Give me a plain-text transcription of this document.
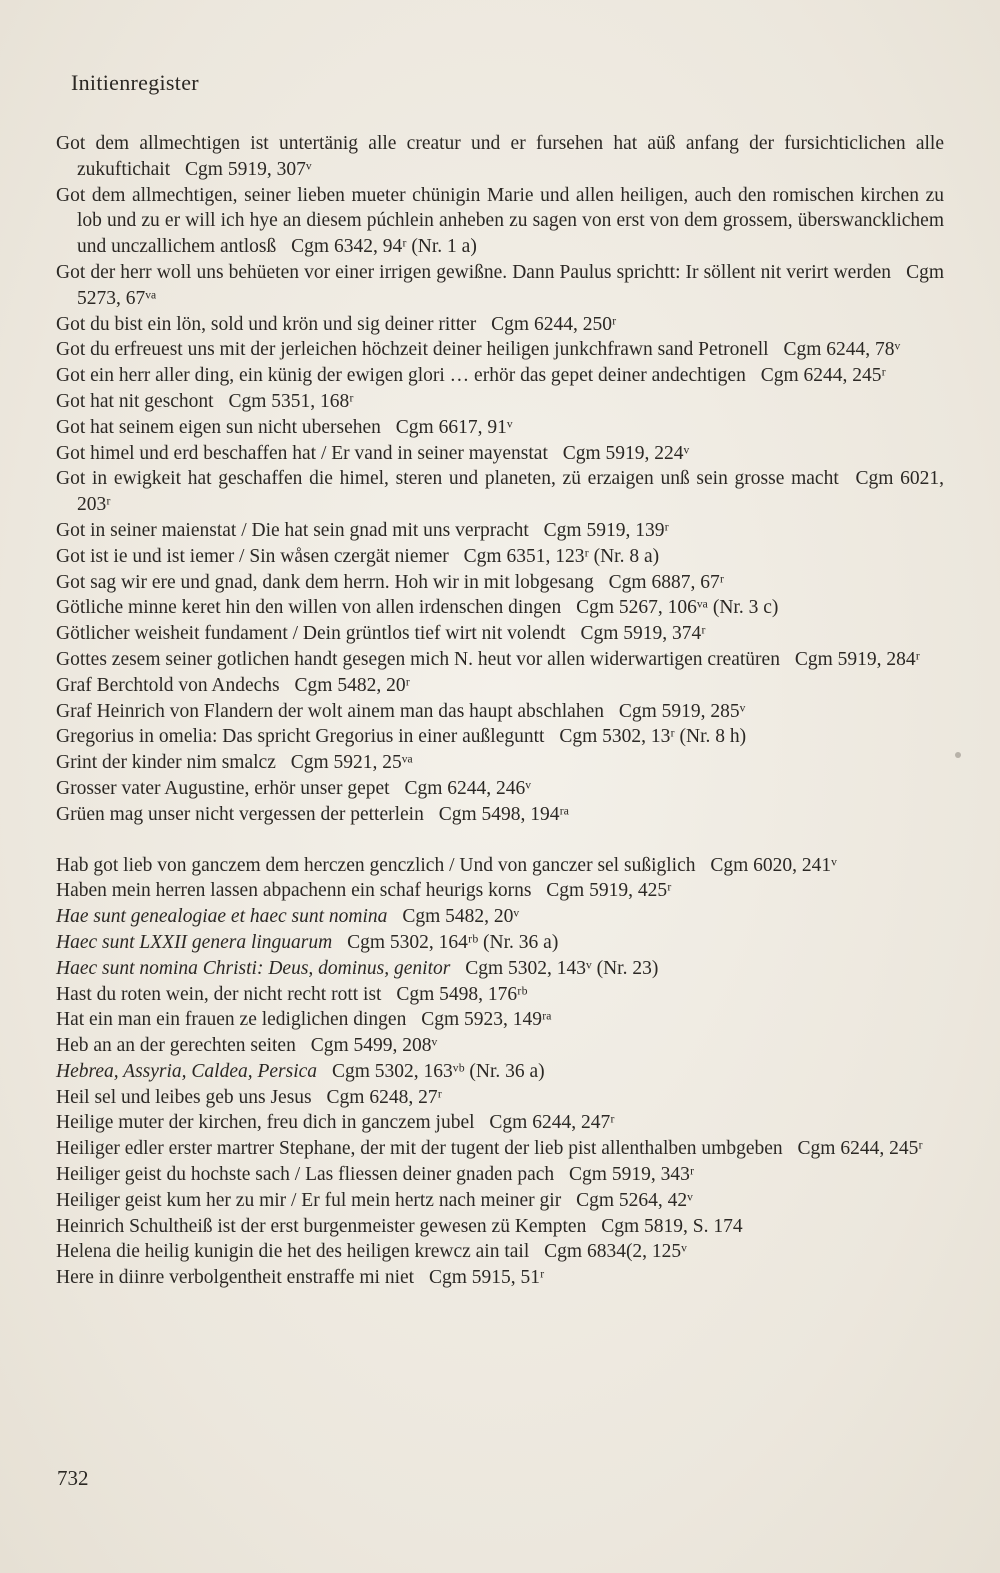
Initienregister
Got dem allmechtigen ist untertänig alle creatur und er fursehen hat aüß anfang der fursichticlichen alle zukuftichait Cgm 5919, 307ᵛ
Got dem allmechtigen, seiner lieben mueter chünigin Marie und allen heiligen, auch den romischen kirchen zu lob und zu er will ich hye an diesem púchlein anheben zu sagen von erst von dem grossem, überswancklichem und unczallichem antlosß Cgm 6342, 94ʳ (Nr. 1 a)
Got der herr woll uns behüeten vor einer irrigen gewißne. Dann Paulus sprichtt: Ir söllent nit verirt werden Cgm 5273, 67ᵛᵃ
Got du bist ein lön, sold und krön und sig deiner ritter Cgm 6244, 250ʳ
Got du erfreuest uns mit der jerleichen höchzeit deiner heiligen junkchfrawn sand Petronell Cgm 6244, 78ᵛ
Got ein herr aller ding, ein künig der ewigen glori … erhör das gepet deiner andechtigen Cgm 6244, 245ʳ
Got hat nit geschont Cgm 5351, 168ʳ
Got hat seinem eigen sun nicht ubersehen Cgm 6617, 91ᵛ
Got himel und erd beschaffen hat / Er vand in seiner mayenstat Cgm 5919, 224ᵛ
Got in ewigkeit hat geschaffen die himel, steren und planeten, zü erzaigen unß sein grosse macht Cgm 6021, 203ʳ
Got in seiner maienstat / Die hat sein gnad mit uns verpracht Cgm 5919, 139ʳ
Got ist ie und ist iemer / Sin wåsen czergät niemer Cgm 6351, 123ʳ (Nr. 8 a)
Got sag wir ere und gnad, dank dem herrn. Hoh wir in mit lobgesang Cgm 6887, 67ʳ
Götliche minne keret hin den willen von allen irdenschen dingen Cgm 5267, 106ᵛᵃ (Nr. 3 c)
Götlicher weisheit fundament / Dein grüntlos tief wirt nit volendt Cgm 5919, 374ʳ
Gottes zesem seiner gotlichen handt gesegen mich N. heut vor allen widerwartigen creatüren Cgm 5919, 284ʳ
Graf Berchtold von Andechs Cgm 5482, 20ʳ
Graf Heinrich von Flandern der wolt ainem man das haupt abschlahen Cgm 5919, 285ᵛ
Gregorius in omelia: Das spricht Gregorius in einer außleguntt Cgm 5302, 13ʳ (Nr. 8 h)
Grint der kinder nim smalcz Cgm 5921, 25ᵛᵃ
Grosser vater Augustine, erhör unser gepet Cgm 6244, 246ᵛ
Grüen mag unser nicht vergessen der petterlein Cgm 5498, 194ʳᵃ
Hab got lieb von ganczem dem herczen genczlich / Und von ganczer sel sußiglich Cgm 6020, 241ᵛ
Haben mein herren lassen abpachenn ein schaf heurigs korns Cgm 5919, 425ʳ
Hae sunt genealogiae et haec sunt nomina Cgm 5482, 20ᵛ
Haec sunt LXXII genera linguarum Cgm 5302, 164ʳᵇ (Nr. 36 a)
Haec sunt nomina Christi: Deus, dominus, genitor Cgm 5302, 143ᵛ (Nr. 23)
Hast du roten wein, der nicht recht rott ist Cgm 5498, 176ʳᵇ
Hat ein man ein frauen ze lediglichen dingen Cgm 5923, 149ʳᵃ
Heb an an der gerechten seiten Cgm 5499, 208ᵛ
Hebrea, Assyria, Caldea, Persica Cgm 5302, 163ᵛᵇ (Nr. 36 a)
Heil sel und leibes geb uns Jesus Cgm 6248, 27ʳ
Heilige muter der kirchen, freu dich in ganczem jubel Cgm 6244, 247ʳ
Heiliger edler erster martrer Stephane, der mit der tugent der lieb pist allenthalben umbgeben Cgm 6244, 245ʳ
Heiliger geist du hochste sach / Las fliessen deiner gnaden pach Cgm 5919, 343ʳ
Heiliger geist kum her zu mir / Er ful mein hertz nach meiner gir Cgm 5264, 42ᵛ
Heinrich Schultheiß ist der erst burgenmeister gewesen zü Kempten Cgm 5819, S. 174
Helena die heilig kunigin die het des heiligen krewcz ain tail Cgm 6834(2, 125ᵛ
Here in diinre verbolgentheit enstraffe mi niet Cgm 5915, 51ʳ
732
